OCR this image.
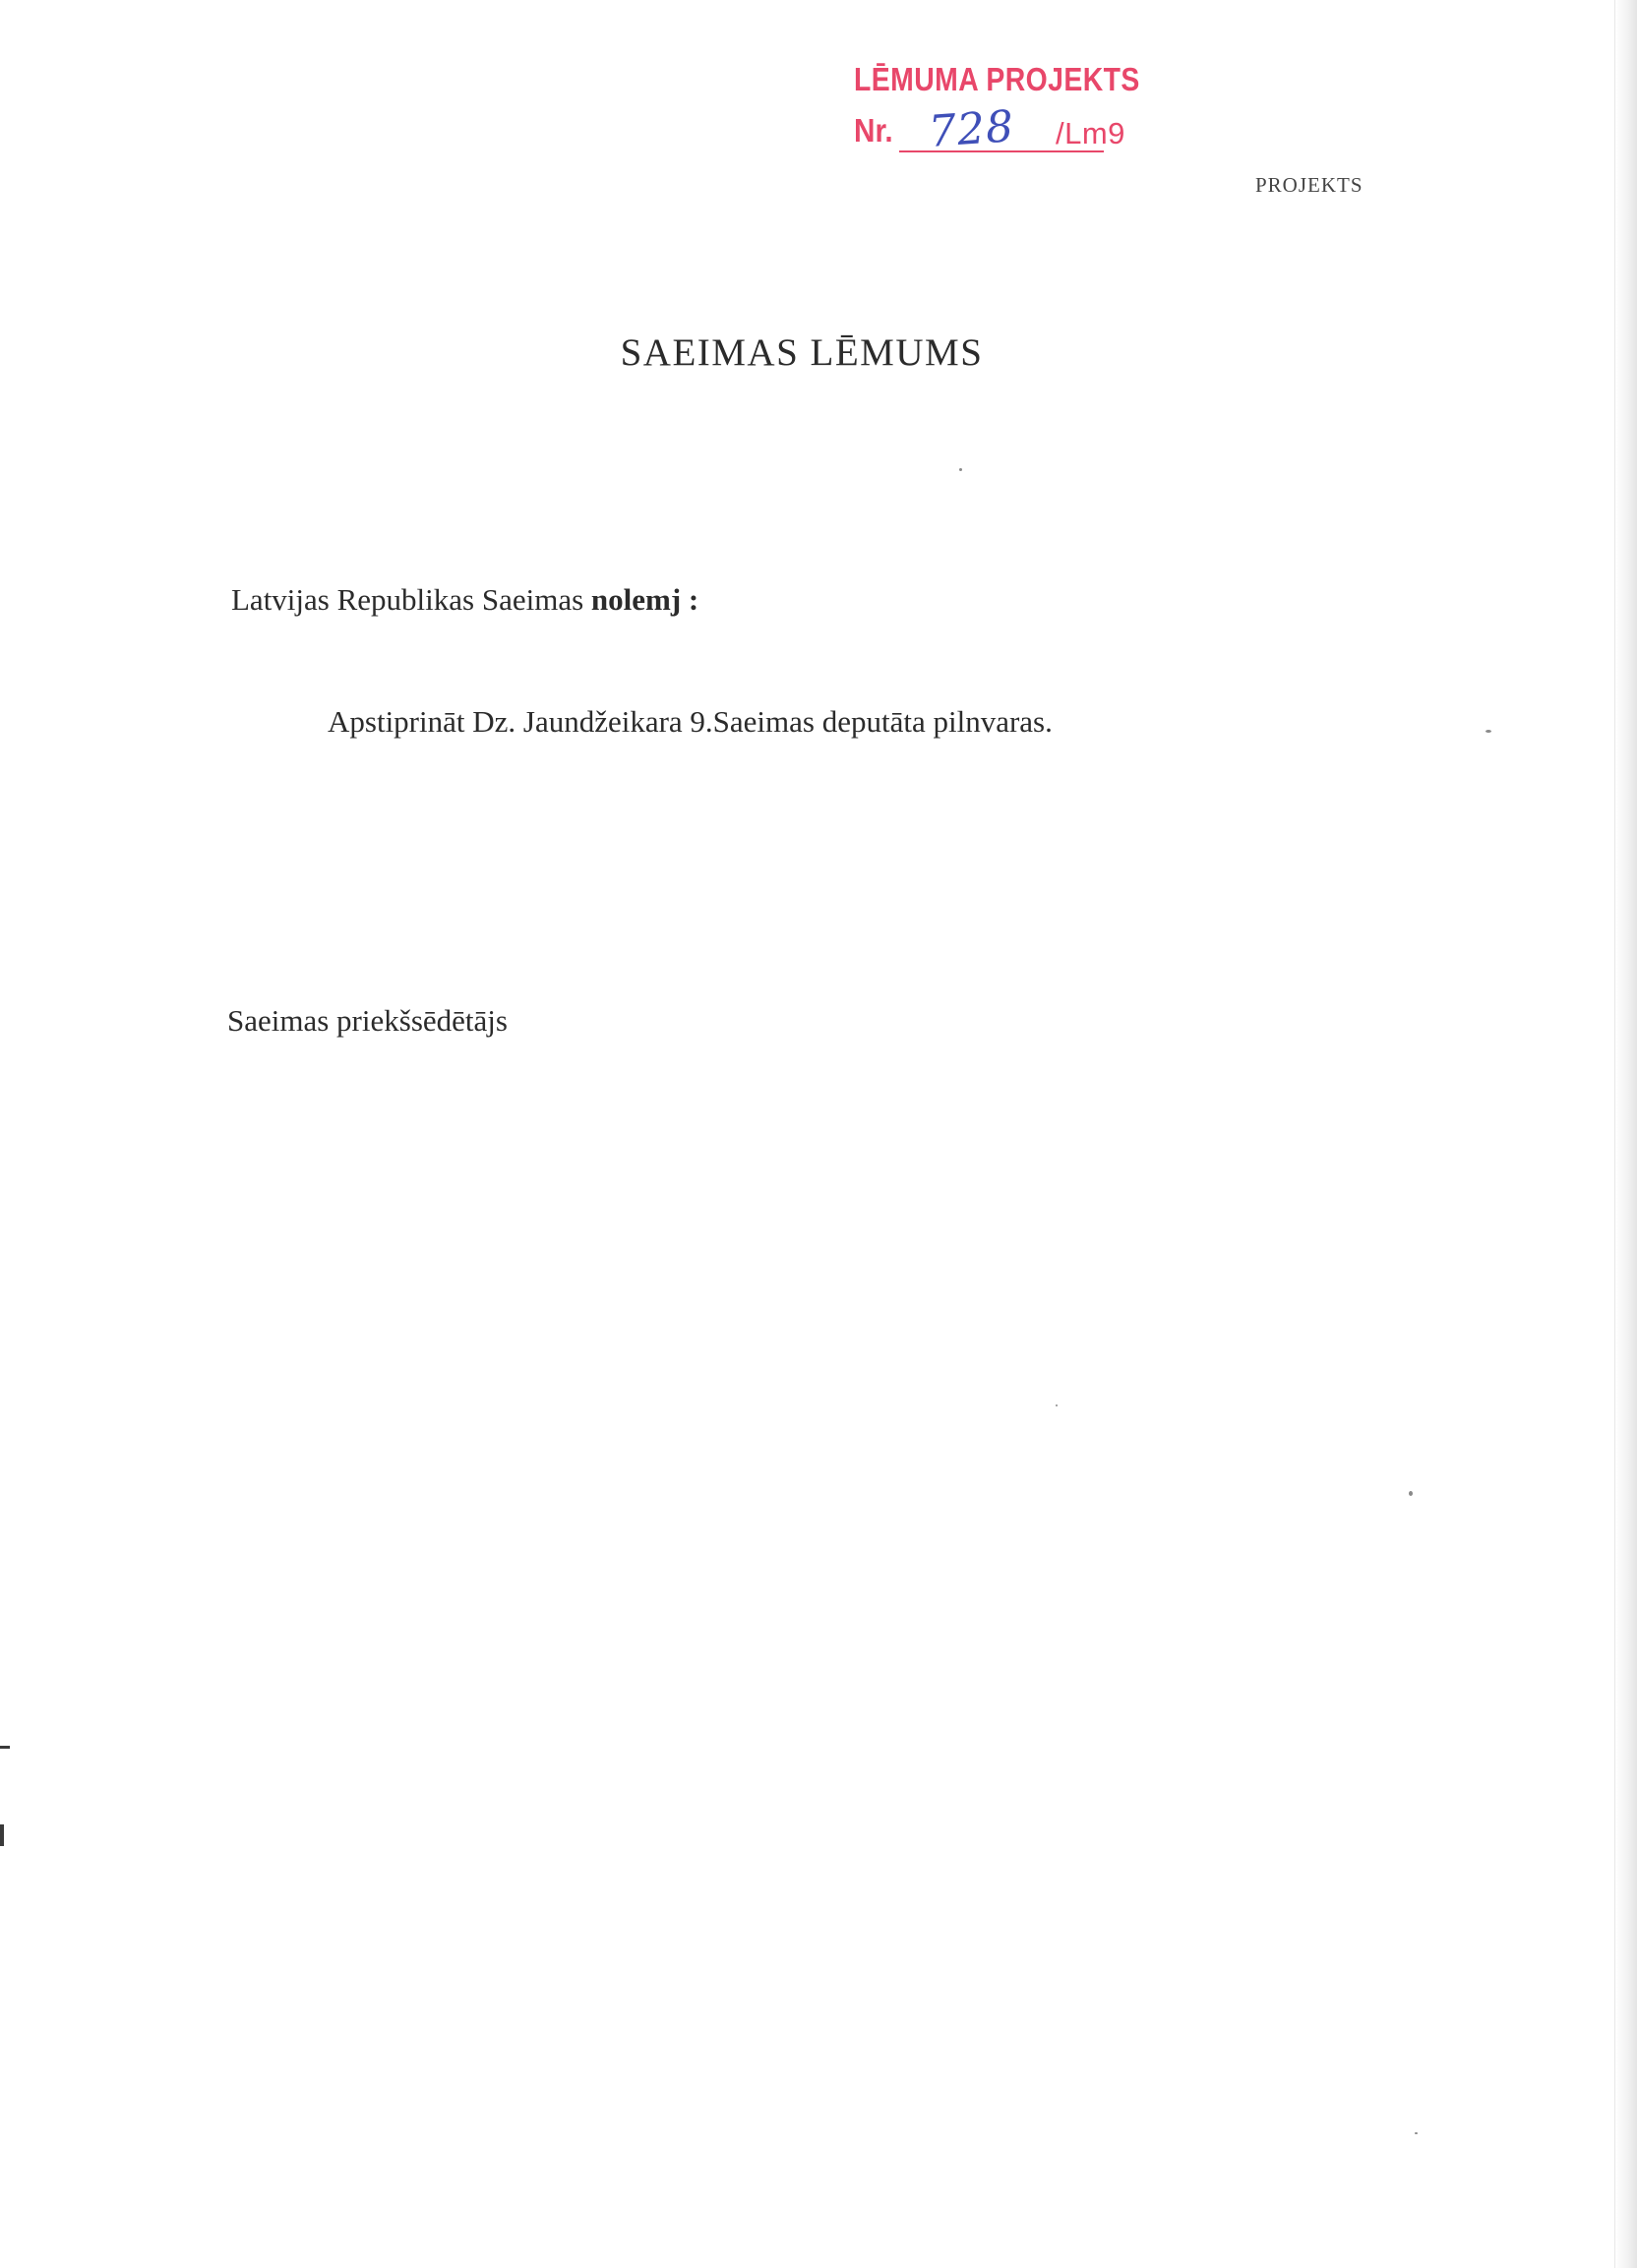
LĒMUMA PROJEKTS
Nr. 728 /Lm9
PROJEKTS
SAEIMAS LĒMUMS
Latvijas Republikas Saeimas nolemj :
Apstiprināt Dz. Jaundžeikara 9.Saeimas deputāta pilnvaras.
Saeimas priekšsēdētājs
